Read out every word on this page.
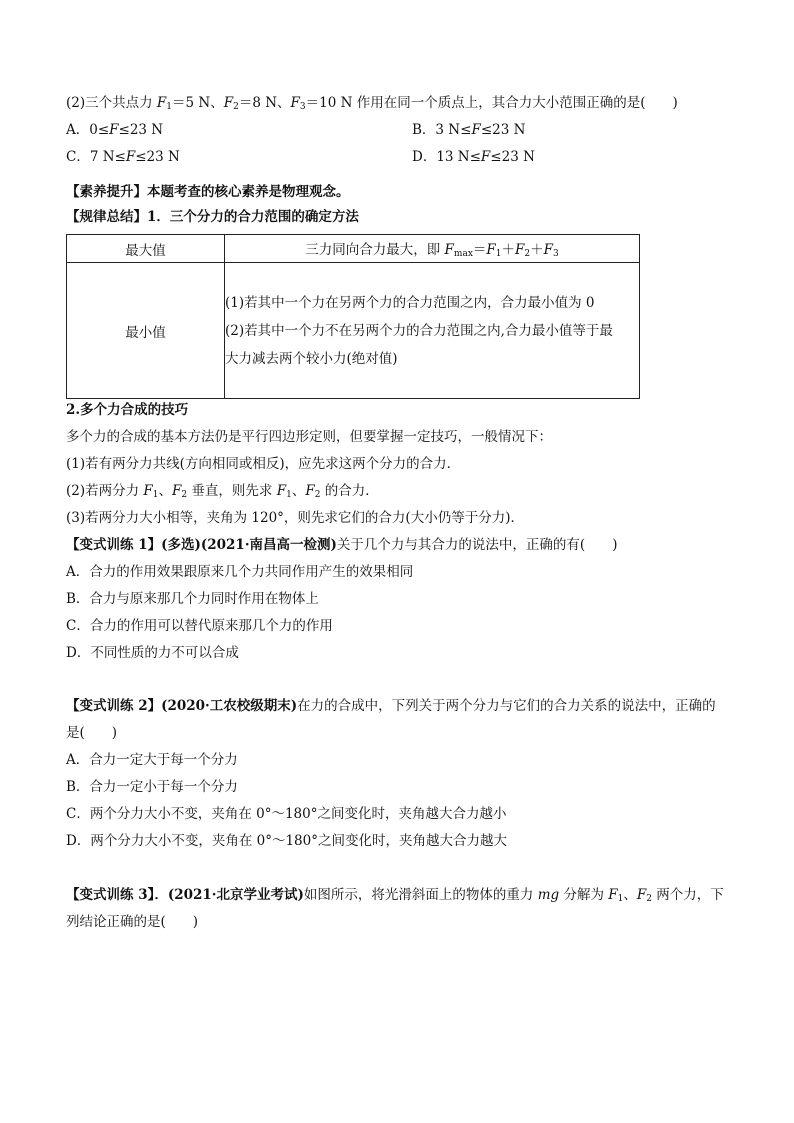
(2)三个共点力 $F_1=5$ N、$F_2=8$ N、$F_3=10$ N 作用在同一个质点上，其合力大小范围正确的是(　　)
A．0≤F≤23 N	B．3 N≤F≤23 N
C．7 N≤F≤23 N	D．13 N≤F≤23 N
【素养提升】本题考查的核心素养是物理观念。
【规律总结】1．三个分力的合力范围的确定方法
最大值	三力同向合力最大，即 $F_{max}=F_1+F_2+F_3$
最小值	(1)若其中一个力在另两个力的合力范围之内，合力最小值为 0
(2)若其中一个力不在另两个力的合力范围之内,合力最小值等于最
大力减去两个较小力(绝对值)
2.多个力合成的技巧
多个力的合成的基本方法仍是平行四边形定则，但要掌握一定技巧，一般情况下：
(1)若有两分力共线(方向相同或相反)，应先求这两个分力的合力．
(2)若两分力 $F_1$、$F_2$ 垂直，则先求 $F_1$、$F_2$ 的合力．
(3)若两分力大小相等，夹角为 120°，则先求它们的合力(大小仍等于分力)．
【变式训练 1】(多选)(2021·南昌高一检测)关于几个力与其合力的说法中，正确的有(　　)
A．合力的作用效果跟原来几个力共同作用产生的效果相同
B．合力与原来那几个力同时作用在物体上
C．合力的作用可以替代原来那几个力的作用
D．不同性质的力不可以合成
【变式训练 2】(2020·工农校级期末)在力的合成中，下列关于两个分力与它们的合力关系的说法中，正确的
是(　　)
A．合力一定大于每一个分力
B．合力一定小于每一个分力
C．两个分力大小不变，夹角在 0°～180°之间变化时，夹角越大合力越小
D．两个分力大小不变，夹角在 0°～180°之间变化时，夹角越大合力越大
【变式训练 3】．(2021·北京学业考试)如图所示，将光滑斜面上的物体的重力 mg 分解为 $F_1$、$F_2$ 两个力，下
列结论正确的是(　　)
